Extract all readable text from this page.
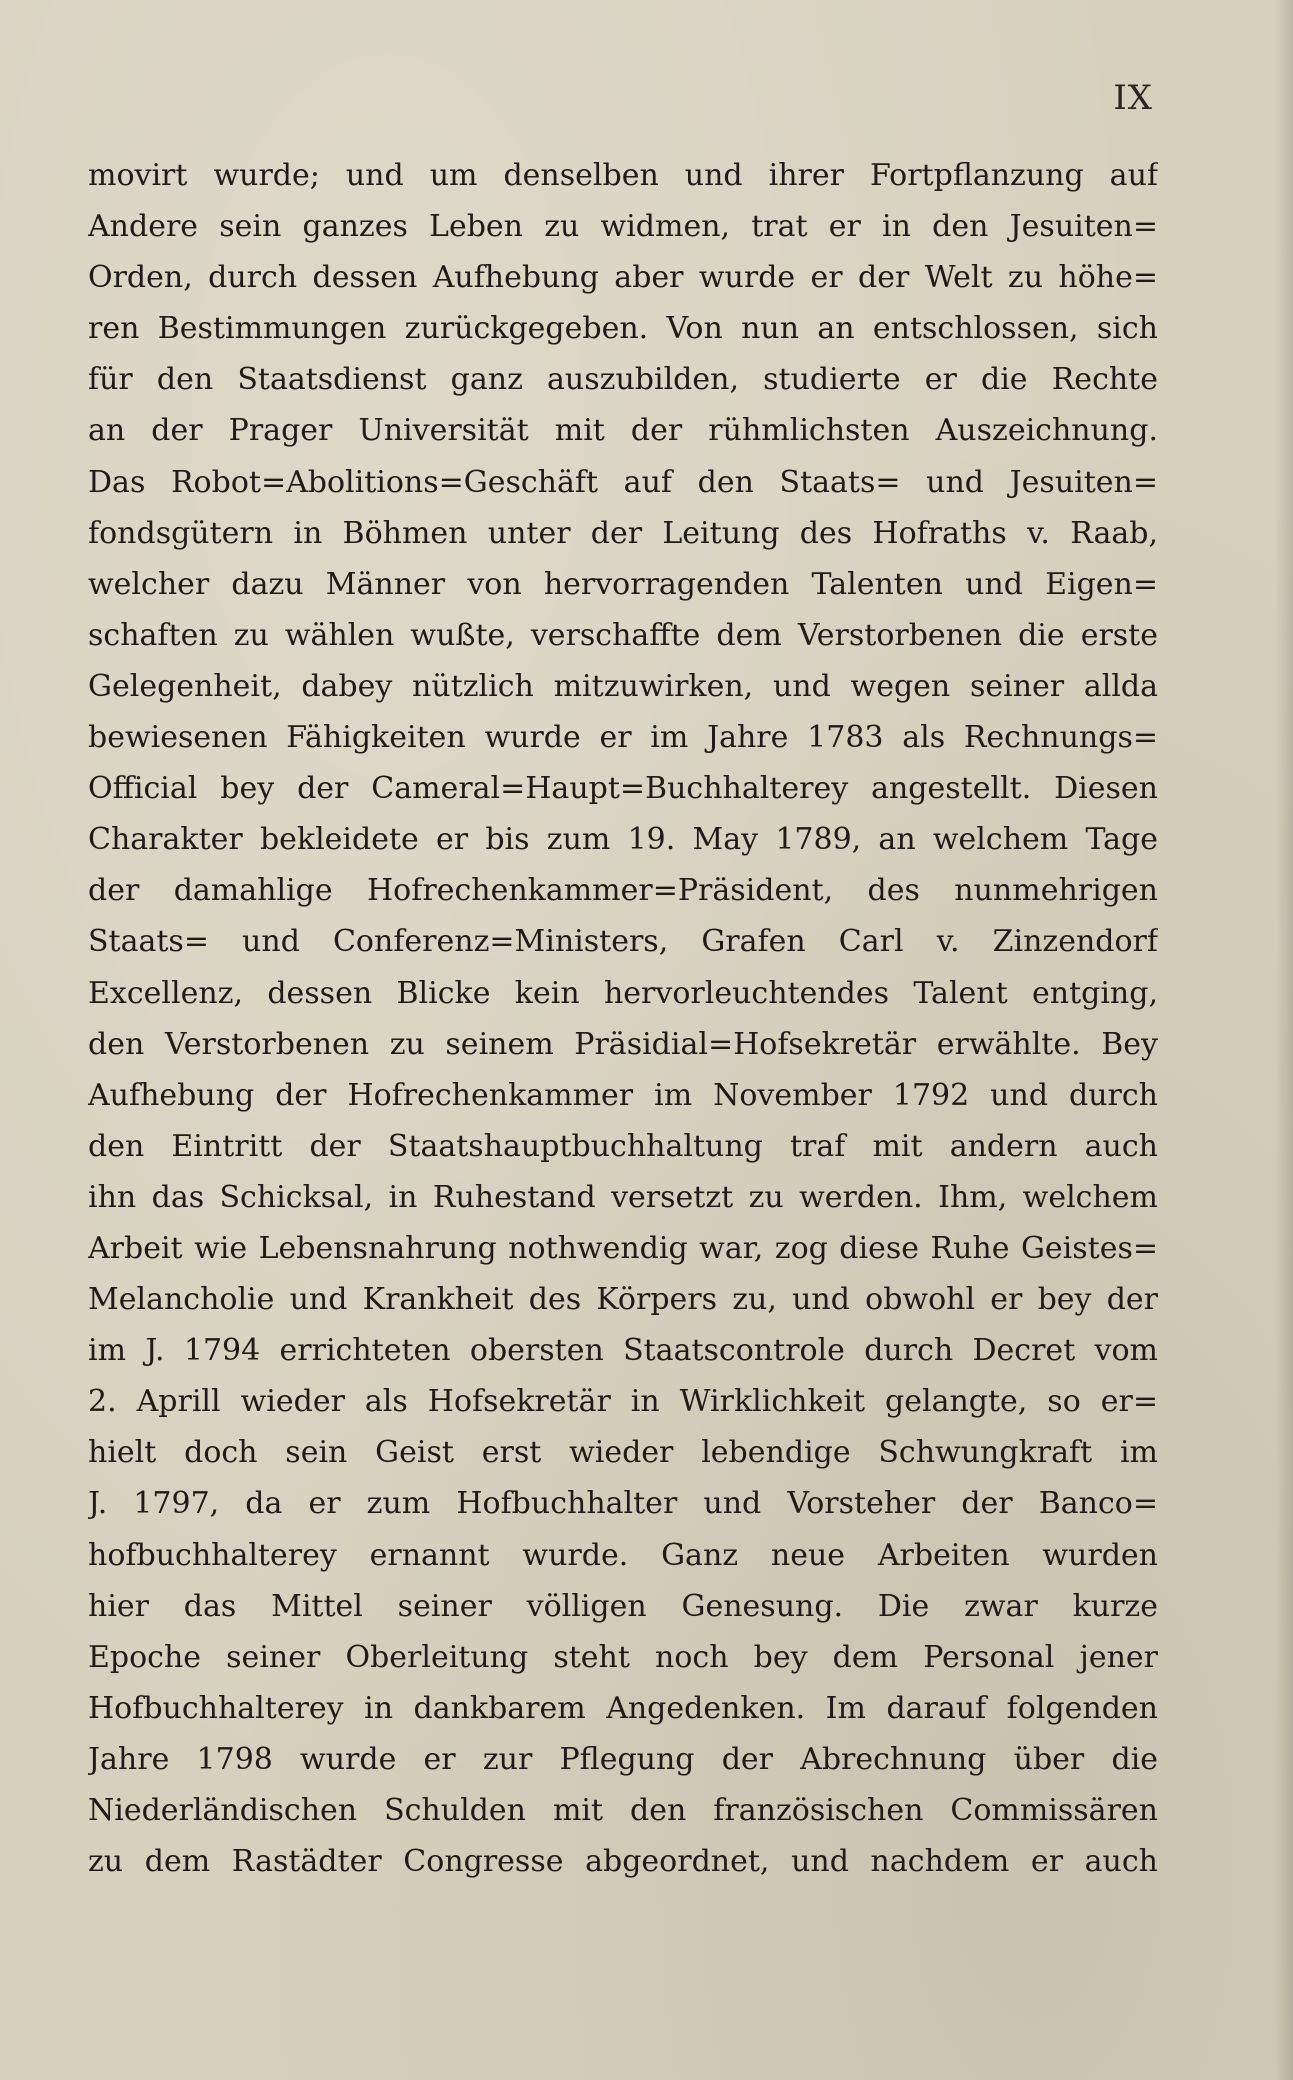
IX
movirt wurde; und um denselben und ihrer Fortpflanzung auf
Andere sein ganzes Leben zu widmen, trat er in den Jesuiten=
Orden, durch dessen Aufhebung aber wurde er der Welt zu höhe=
ren Bestimmungen zurückgegeben. Von nun an entschlossen, sich
für den Staatsdienst ganz auszubilden, studierte er die Rechte
an der Prager Universität mit der rühmlichsten Auszeichnung.
Das Robot=Abolitions=Geschäft auf den Staats= und Jesuiten=
fondsgütern in Böhmen unter der Leitung des Hofraths v. Raab,
welcher dazu Männer von hervorragenden Talenten und Eigen=
schaften zu wählen wußte, verschaffte dem Verstorbenen die erste
Gelegenheit, dabey nützlich mitzuwirken, und wegen seiner allda
bewiesenen Fähigkeiten wurde er im Jahre 1783 als Rechnungs=
Official bey der Cameral=Haupt=Buchhalterey angestellt. Diesen
Charakter bekleidete er bis zum 19. May 1789, an welchem Tage
der damahlige Hofrechenkammer=Präsident, des nunmehrigen
Staats= und Conferenz=Ministers, Grafen Carl v. Zinzendorf
Excellenz, dessen Blicke kein hervorleuchtendes Talent entging,
den Verstorbenen zu seinem Präsidial=Hofsekretär erwählte. Bey
Aufhebung der Hofrechenkammer im November 1792 und durch
den Eintritt der Staatshauptbuchhaltung traf mit andern auch
ihn das Schicksal, in Ruhestand versetzt zu werden. Ihm, welchem
Arbeit wie Lebensnahrung nothwendig war, zog diese Ruhe Geistes=
Melancholie und Krankheit des Körpers zu, und obwohl er bey der
im J. 1794 errichteten obersten Staatscontrole durch Decret vom
2. Aprill wieder als Hofsekretär in Wirklichkeit gelangte, so er=
hielt doch sein Geist erst wieder lebendige Schwungkraft im
J. 1797, da er zum Hofbuchhalter und Vorsteher der Banco=
hofbuchhalterey ernannt wurde. Ganz neue Arbeiten wurden
hier das Mittel seiner völligen Genesung. Die zwar kurze
Epoche seiner Oberleitung steht noch bey dem Personal jener
Hofbuchhalterey in dankbarem Angedenken. Im darauf folgenden
Jahre 1798 wurde er zur Pflegung der Abrechnung über die
Niederländischen Schulden mit den französischen Commissären
zu dem Rastädter Congresse abgeordnet, und nachdem er auch
